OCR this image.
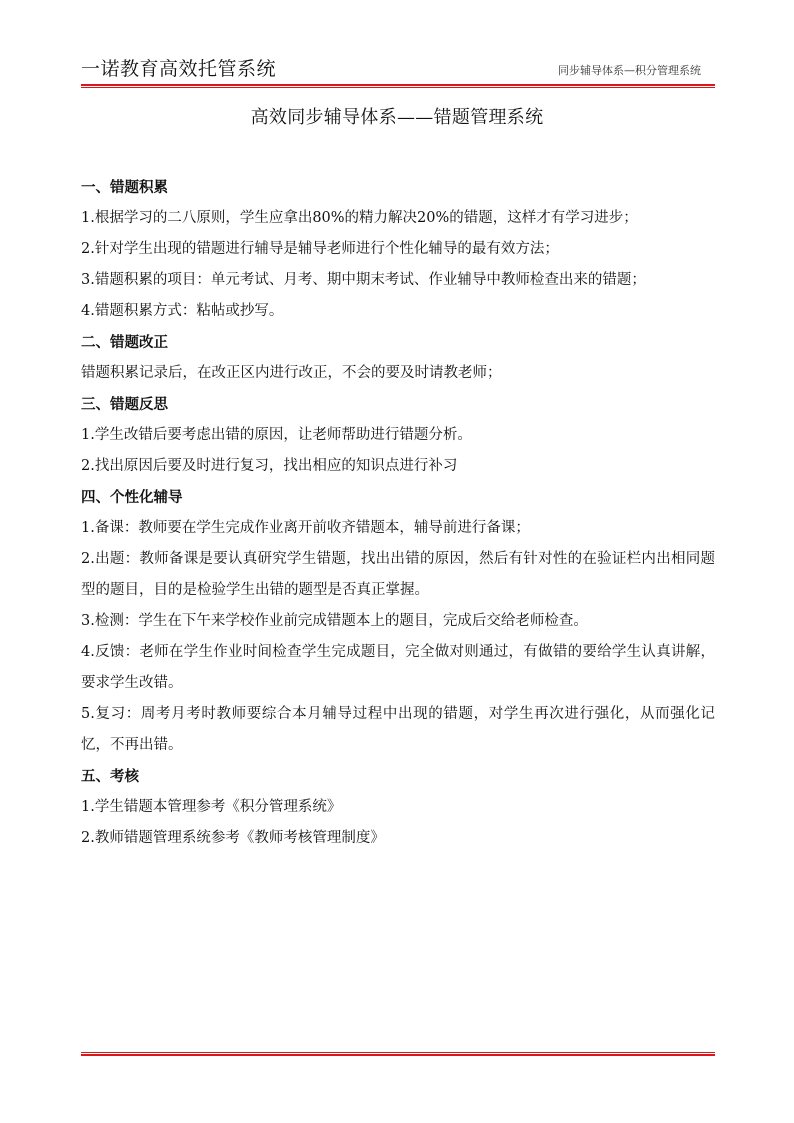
一诺教育高效托管系统	同步辅导体系—积分管理系统
高效同步辅导体系——错题管理系统
一、错题积累
1.根据学习的二八原则，学生应拿出80%的精力解决20%的错题，这样才有学习进步；
2.针对学生出现的错题进行辅导是辅导老师进行个性化辅导的最有效方法；
3.错题积累的项目：单元考试、月考、期中期末考试、作业辅导中教师检查出来的错题；
4.错题积累方式：粘帖或抄写。
二、错题改正
错题积累记录后，在改正区内进行改正，不会的要及时请教老师；
三、错题反思
1.学生改错后要考虑出错的原因，让老师帮助进行错题分析。
2.找出原因后要及时进行复习，找出相应的知识点进行补习
四、个性化辅导
1.备课：教师要在学生完成作业离开前收齐错题本，辅导前进行备课；
2.出题：教师备课是要认真研究学生错题，找出出错的原因，然后有针对性的在验证栏内出相同题型的题目，目的是检验学生出错的题型是否真正掌握。
3.检测：学生在下午来学校作业前完成错题本上的题目，完成后交给老师检查。
4.反馈：老师在学生作业时间检查学生完成题目，完全做对则通过，有做错的要给学生认真讲解，要求学生改错。
5.复习：周考月考时教师要综合本月辅导过程中出现的错题，对学生再次进行强化，从而强化记忆，不再出错。
五、考核
1.学生错题本管理参考《积分管理系统》
2.教师错题管理系统参考《教师考核管理制度》
